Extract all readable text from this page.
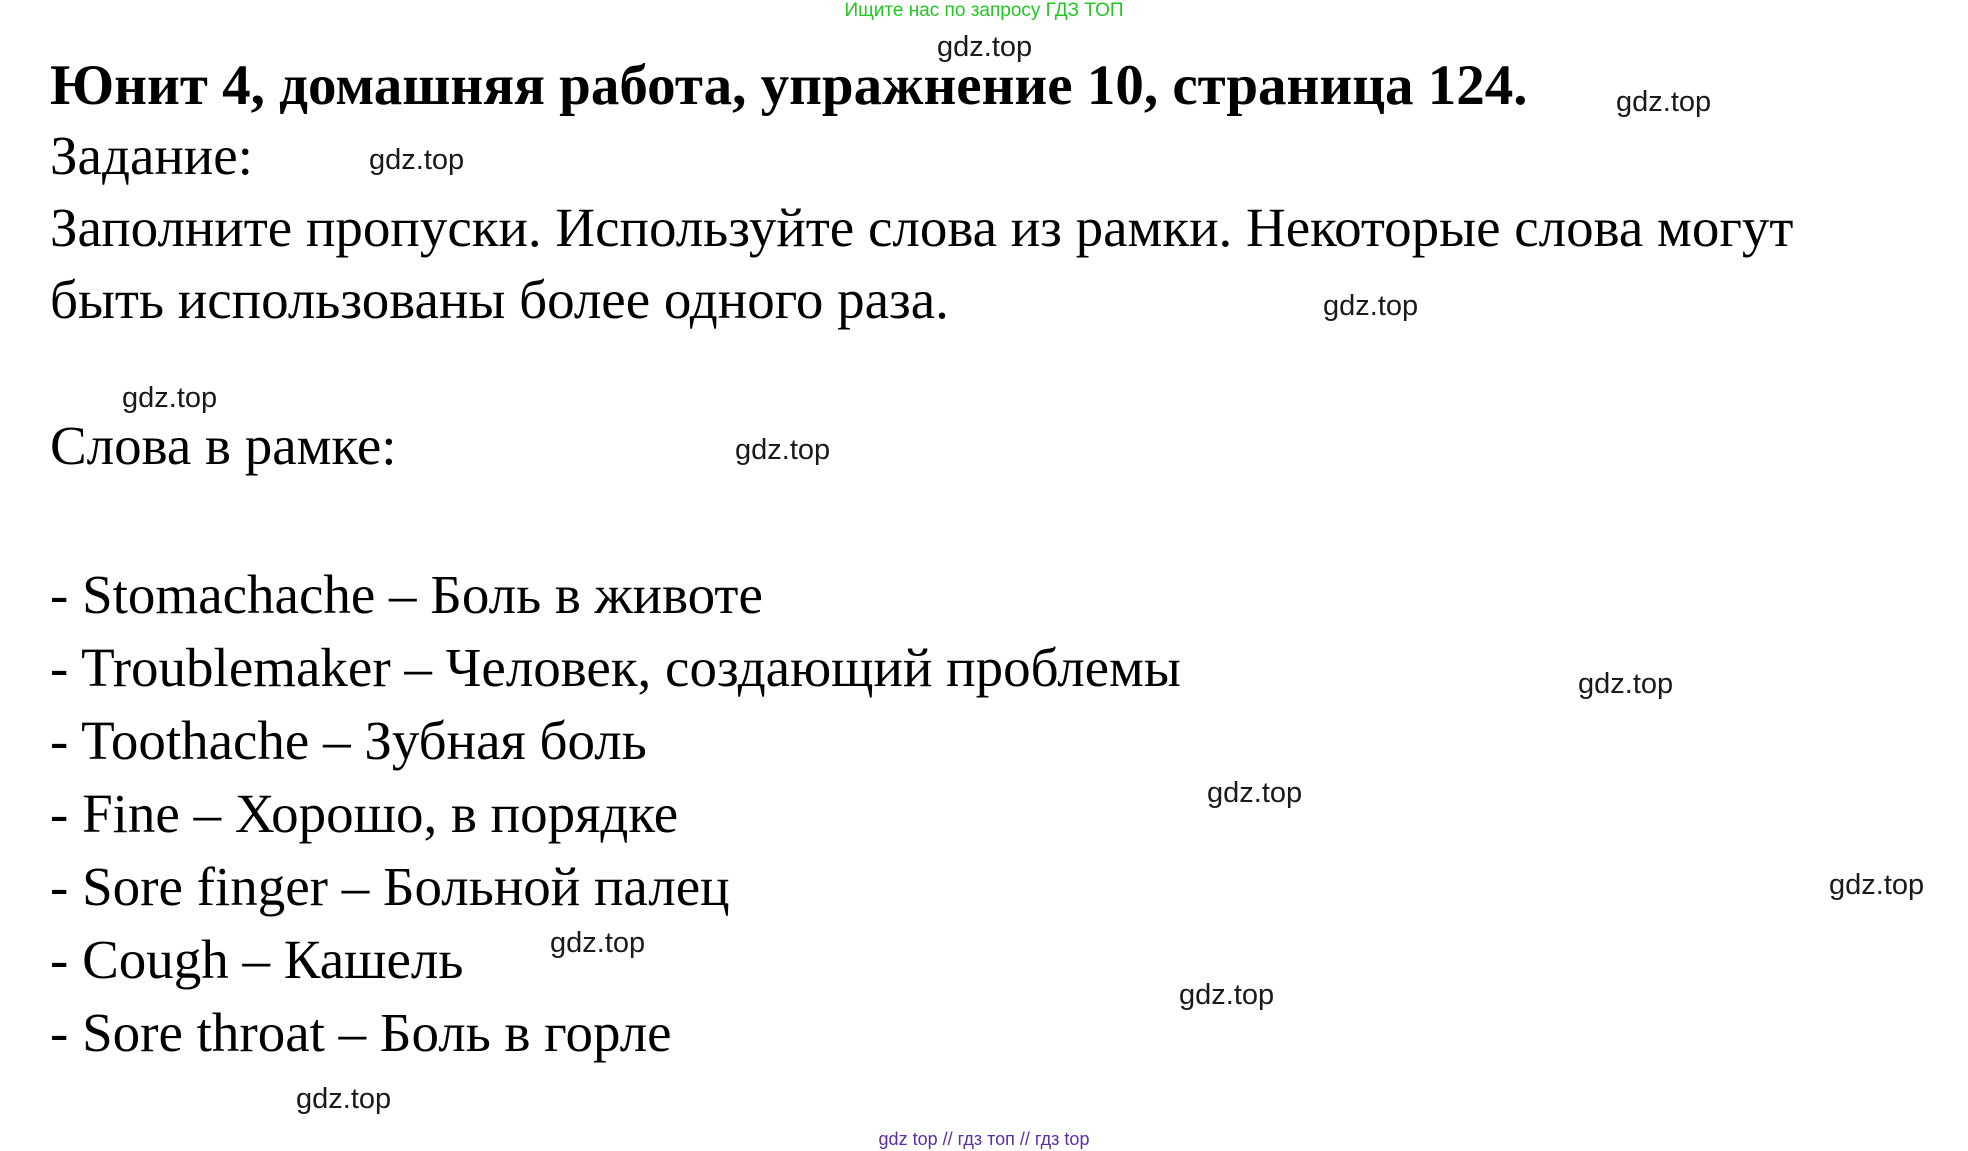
Ищите нас по запросу ГДЗ ТОП
Юнит 4, домашняя работа, упражнение 10, страница 124.

Задание:

Заполните пропуски. Используйте слова из рамки. Некоторые слова могут

быть использованы более одного раза.

Слова в рамке:

- Stomachache – Боль в животе
- Troublemaker – Человек, создающий проблемы
- Toothache – Зубная боль
- Fine – Хорошо, в порядке
- Sore finger – Больной палец
- Cough – Кашель
- Sore throat – Боль в горле
gdz.top
gdz.top
gdz.top
gdz.top
gdz.top
gdz.top
gdz.top
gdz.top
gdz.top
gdz.top
gdz.top
gdz.top
gdz top // гдз топ // гдз top
